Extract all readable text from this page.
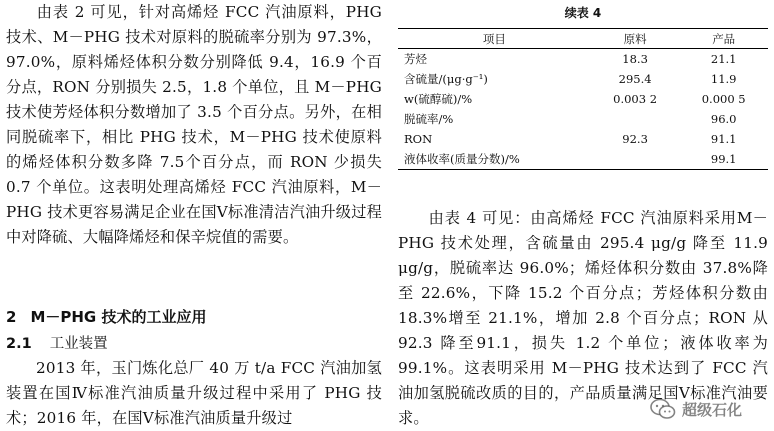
由表 2 可见，针对高烯烃 FCC 汽油原料，PHG 技术、M－PHG 技术对原料的脱硫率分别为 97.3%，97.0%，原料烯烃体积分数分别降低 9.4，16.9 个百分点，RON 分别损失 2.5，1.8 个单位，且 M－PHG 技术使芳烃体积分数增加了 3.5 个百分点。另外，在相同脱硫率下，相比 PHG 技术，M－PHG 技术使原料的烯烃体积分数多降 7.5个百分点，而 RON 少损失 0.7 个单位。这表明处理高烯烃 FCC 汽油原料，M－PHG 技术更容易满足企业在国Ⅴ标准清洁汽油升级过程中对降硫、大幅降烯烃和保辛烷值的需要。
2 M－PHG 技术的工业应用
2.1 工业装置
2013 年，玉门炼化总厂 40 万 t/a FCC 汽油加氢装置在国Ⅳ标准汽油质量升级过程中采用了 PHG 技术；2016 年，在国Ⅴ标准汽油质量升级过
续表 4
项目	原料	产品
芳烃	18.3	21.1
含硫量/(μg·g⁻¹)	295.4	11.9
w(硫醇硫)/%	0.003 2	0.000 5
脱硫率/%		96.0
RON	92.3	91.1
液体收率(质量分数)/%		99.1
由表 4 可见：由高烯烃 FCC 汽油原料采用M－PHG 技术处理，含硫量由 295.4 μg/g 降至 11.9 μg/g，脱硫率达 96.0%；烯烃体积分数由 37.8%降至 22.6%，下降 15.2 个百分点；芳烃体积分数由 18.3%增至 21.1%，增加 2.8 个百分点；RON 从92.3 降至91.1，损失 1.2 个单位；液体收率为 99.1%。这表明采用 M－PHG 技术达到了 FCC 汽油加氢脱硫改质的目的，产品质量满足国Ⅴ标准汽油要求。	超级石化
